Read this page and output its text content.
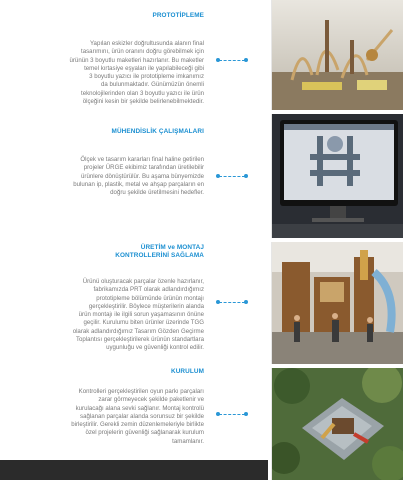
PROTOTİPLEME
Yapılan eskizler doğrultusunda alanın final
tasarımını, ürün oranını doğru görebilmek için
ürünün 3 boyutlu maketleri hazırlanır. Bu maketler
temel kırtasiye eşyaları ile yapılabileceği gibi
3 boyutlu yazıcı ile prototipleme imkanımız
da bulunmaktadır. Günümüzün önemli
teknolojilerinden olan 3 boyutlu yazıcı ile ürün
ölçeğini kesin bir şekilde belirlenebilmektedir.
MÜHENDİSLİK ÇALIŞMALARI
Ölçek ve tasarım kararları final haline getirilen
projeler ÜRGE ekibimiz tarafından üretilebilir
ürünlere dönüştürülür. Bu aşama bünyemizde
bulunan ip, plastik, metal ve ahşap parçaların en
doğru şekilde üretilmesini hedefler.
ÜRETİM ve MONTAJ
KONTROLLERİNİ SAĞLAMA
Ürünü oluşturacak parçalar özenle hazırlanır,
fabrikamızda PRT olarak adlandırdığımız
prototipleme bölümünde ürünün montajı
gerçekleştirilir. Böylece müşterilerin alanda
ürün montajı ile ilgili sorun yaşamasının önüne
geçilir. Kurulumu biten ürünler üzerinde TGG
olarak adlandırdığımız Tasarım Gözden Geçirme
Toplantısı gerçekleştirilerek ürünün standartlara
uygunluğu ve güvenliği kontrol edilir.
KURULUM
Kontrolleri gerçekleştirilen oyun parkı parçaları
zarar görmeyecek şekilde paketlenir ve
kurulacağı alana sevki sağlanır. Montaj kontrolü
sağlanan parçalar alanda sorunsuz bir şekilde
birleştirilir. Gerekli zemin düzenlemeleriyle birlikte
özel projelerin güvenliği sağlanarak kurulum
tamamlanır.
